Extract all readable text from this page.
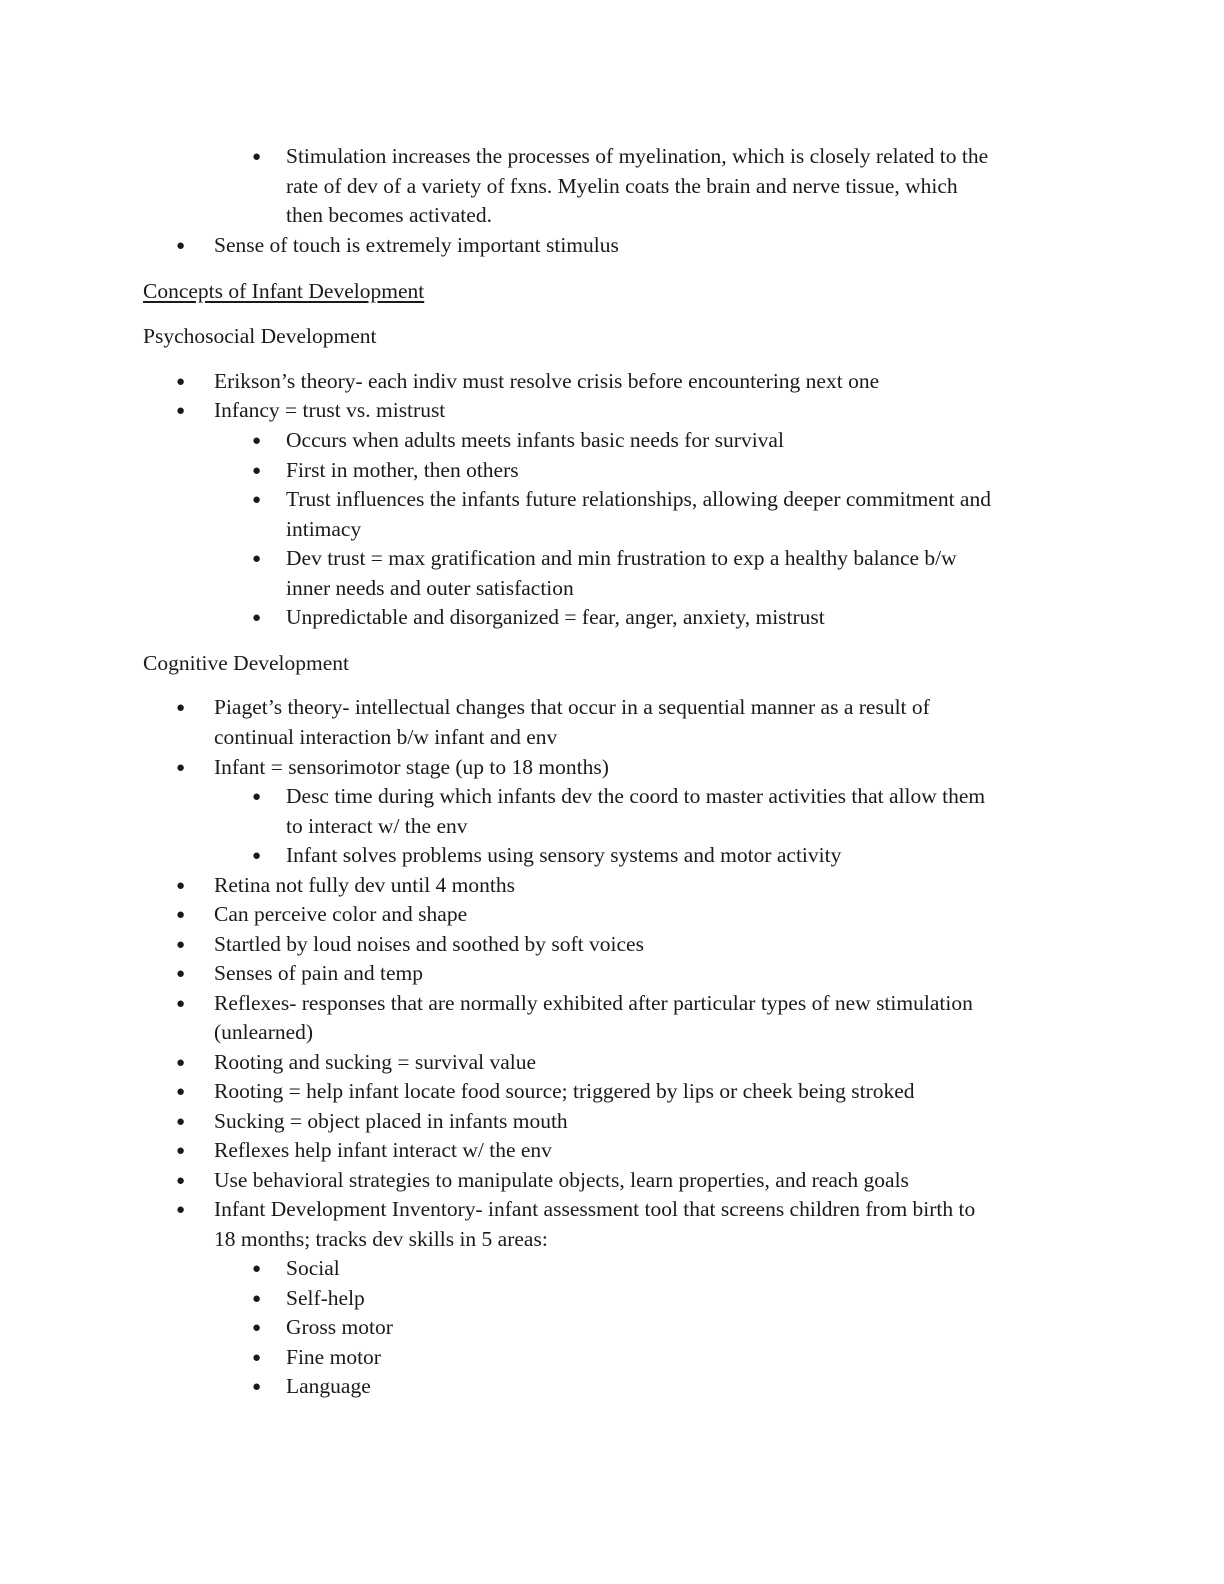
● Stimulation increases the processes of myelination, which is closely related to the
rate of dev of a variety of fxns. Myelin coats the brain and nerve tissue, which
then becomes activated.
● Sense of touch is extremely important stimulus
Concepts of Infant Development
Psychosocial Development
● Erikson’s theory- each indiv must resolve crisis before encountering next one
● Infancy = trust vs. mistrust
● Occurs when adults meets infants basic needs for survival
● First in mother, then others
● Trust influences the infants future relationships, allowing deeper commitment and
intimacy
● Dev trust = max gratification and min frustration to exp a healthy balance b/w
inner needs and outer satisfaction
● Unpredictable and disorganized = fear, anger, anxiety, mistrust
Cognitive Development
● Piaget’s theory- intellectual changes that occur in a sequential manner as a result of
continual interaction b/w infant and env
● Infant = sensorimotor stage (up to 18 months)
● Desc time during which infants dev the coord to master activities that allow them
to interact w/ the env
● Infant solves problems using sensory systems and motor activity
● Retina not fully dev until 4 months
● Can perceive color and shape
● Startled by loud noises and soothed by soft voices
● Senses of pain and temp
● Reflexes- responses that are normally exhibited after particular types of new stimulation
(unlearned)
● Rooting and sucking = survival value
● Rooting = help infant locate food source; triggered by lips or cheek being stroked
● Sucking = object placed in infants mouth
● Reflexes help infant interact w/ the env
● Use behavioral strategies to manipulate objects, learn properties, and reach goals
● Infant Development Inventory- infant assessment tool that screens children from birth to
18 months; tracks dev skills in 5 areas:
● Social
● Self-help
● Gross motor
● Fine motor
● Language
